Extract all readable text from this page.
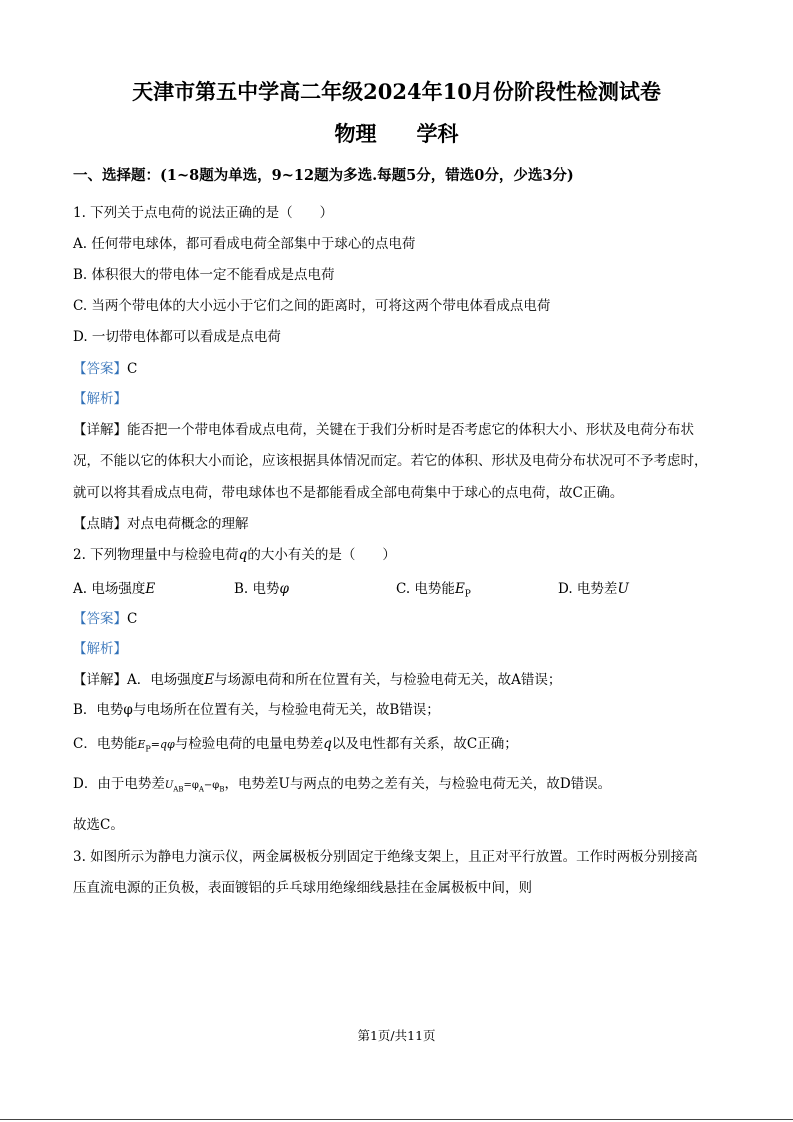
天津市第五中学高二年级2024年10月份阶段性检测试卷
物理 学科
一、选择题：(1~8题为单选，9~12题为多选.每题5分，错选0分，少选3分)
1. 下列关于点电荷的说法正确的是（　　）
A. 任何带电球体，都可看成电荷全部集中于球心的点电荷
B. 体积很大的带电体一定不能看成是点电荷
C. 当两个带电体的大小远小于它们之间的距离时，可将这两个带电体看成点电荷
D. 一切带电体都可以看成是点电荷
【答案】C
【解析】
【详解】能否把一个带电体看成点电荷，关键在于我们分析时是否考虑它的体积大小、形状及电荷分布状
况，不能以它的体积大小而论，应该根据具体情况而定。若它的体积、形状及电荷分布状况可不予考虑时，
就可以将其看成点电荷，带电球体也不是都能看成全部电荷集中于球心的点电荷，故C正确。
【点睛】对点电荷概念的理解
2. 下列物理量中与检验电荷q的大小有关的是（　　）
A. 电场强度E	B. 电势φ	C. 电势能$E_P$	D. 电势差U
【答案】C
【解析】
【详解】A．电场强度E与场源电荷和所在位置有关，与检验电荷无关，故A错误；
B．电势φ与电场所在位置有关，与检验电荷无关，故B错误；
C．电势能$E_P=q\varphi$与检验电荷的电量电势差q以及电性都有关系，故C正确；
D．由于电势差$U_{AB}=\varphi_A-\varphi_B$，电势差U与两点的电势之差有关，与检验电荷无关，故D错误。
故选C。
3. 如图所示为静电力演示仪，两金属极板分别固定于绝缘支架上，且正对平行放置。工作时两板分别接高
压直流电源的正负极，表面镀铝的乒乓球用绝缘细线悬挂在金属极板中间，则
第1页/共11页
